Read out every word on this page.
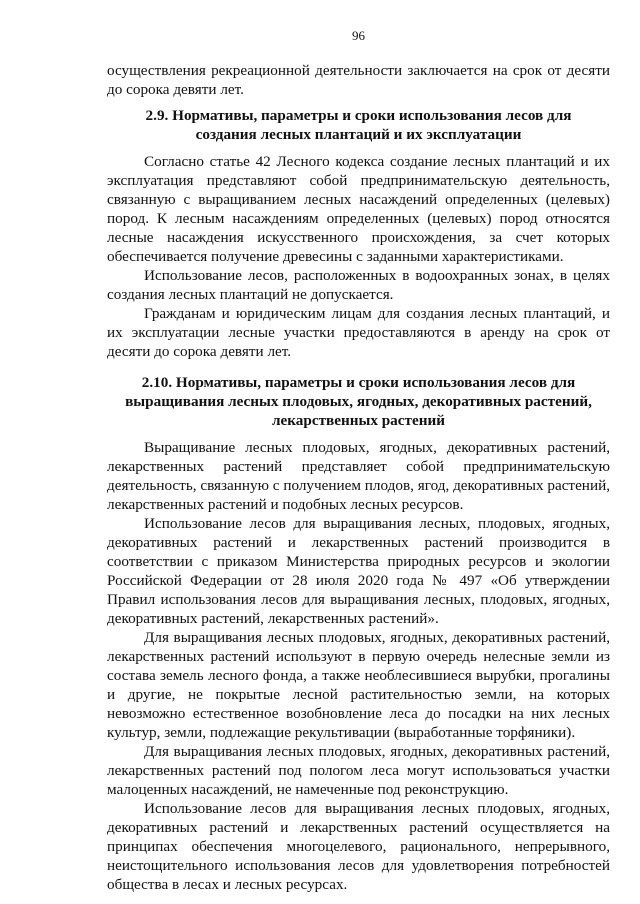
96

осуществления рекреационной деятельности заключается на срок от десяти до сорока девяти лет.

2.9. Нормативы, параметры и сроки использования лесов для создания лесных плантаций и их эксплуатации

Согласно статье 42 Лесного кодекса создание лесных плантаций и их эксплуатация представляют собой предпринимательскую деятельность, связанную с выращиванием лесных насаждений определенных (целевых) пород. К лесным насаждениям определенных (целевых) пород относятся лесные насаждения искусственного происхождения, за счет которых обеспечивается получение древесины с заданными характеристиками.

Использование лесов, расположенных в водоохранных зонах, в целях создания лесных плантаций не допускается.

Гражданам и юридическим лицам для создания лесных плантаций, и их эксплуатации лесные участки предоставляются в аренду на срок от десяти до сорока девяти лет.

2.10. Нормативы, параметры и сроки использования лесов для выращивания лесных плодовых, ягодных, декоративных растений, лекарственных растений

Выращивание лесных плодовых, ягодных, декоративных растений, лекарственных растений представляет собой предпринимательскую деятельность, связанную с получением плодов, ягод, декоративных растений, лекарственных растений и подобных лесных ресурсов.

Использование лесов для выращивания лесных, плодовых, ягодных, декоративных растений и лекарственных растений производится в соответствии с приказом Министерства природных ресурсов и экологии Российской Федерации от 28 июля 2020 года № 497 «Об утверждении Правил использования лесов для выращивания лесных, плодовых, ягодных, декоративных растений, лекарственных растений».

Для выращивания лесных плодовых, ягодных, декоративных растений, лекарственных растений используют в первую очередь нелесные земли из состава земель лесного фонда, а также необлесившиеся вырубки, прогалины и другие, не покрытые лесной растительностью земли, на которых невозможно естественное возобновление леса до посадки на них лесных культур, земли, подлежащие рекультивации (выработанные торфяники).

Для выращивания лесных плодовых, ягодных, декоративных растений, лекарственных растений под пологом леса могут использоваться участки малоценных насаждений, не намеченные под реконструкцию.

Использование лесов для выращивания лесных плодовых, ягодных, декоративных растений и лекарственных растений осуществляется на принципах обеспечения многоцелевого, рационального, непрерывного, неистощительного использования лесов для удовлетворения потребностей общества в лесах и лесных ресурсах.
